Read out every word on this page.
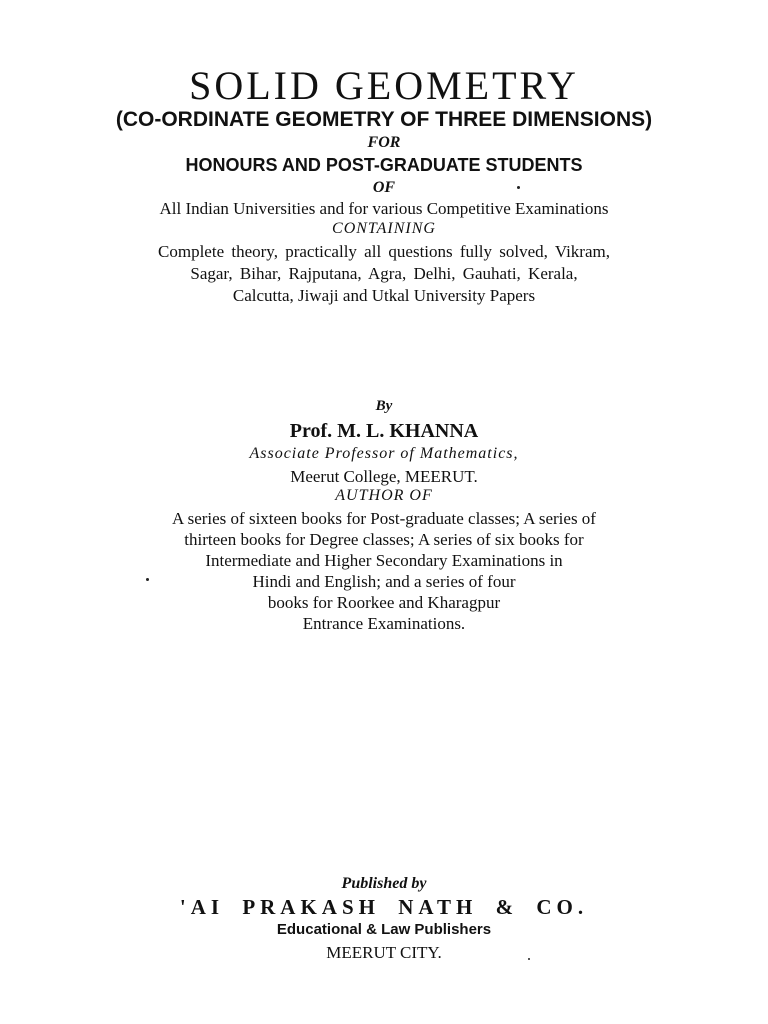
SOLID GEOMETRY
(CO-ORDINATE GEOMETRY OF THREE DIMENSIONS)
FOR
HONOURS AND POST-GRADUATE STUDENTS
OF
All Indian Universities and for various Competitive Examinations
CONTAINING
Complete theory, practically all questions fully solved, Vikram,
Sagar, Bihar, Rajputana, Agra, Delhi, Gauhati, Kerala,
Calcutta, Jiwaji and Utkal University Papers
By
Prof. M. L. KHANNA
Associate Professor of Mathematics,
Meerut College, MEERUT.
AUTHOR OF
A series of sixteen books for Post-graduate classes; A series of
thirteen books for Degree classes; A series of six books for
Intermediate and Higher Secondary Examinations in
Hindi and English; and a series of four
books for Roorkee and Kharagpur
Entrance Examinations.
Published by
'AI PRAKASH NATH & CO.
Educational & Law Publishers
MEERUT CITY.
